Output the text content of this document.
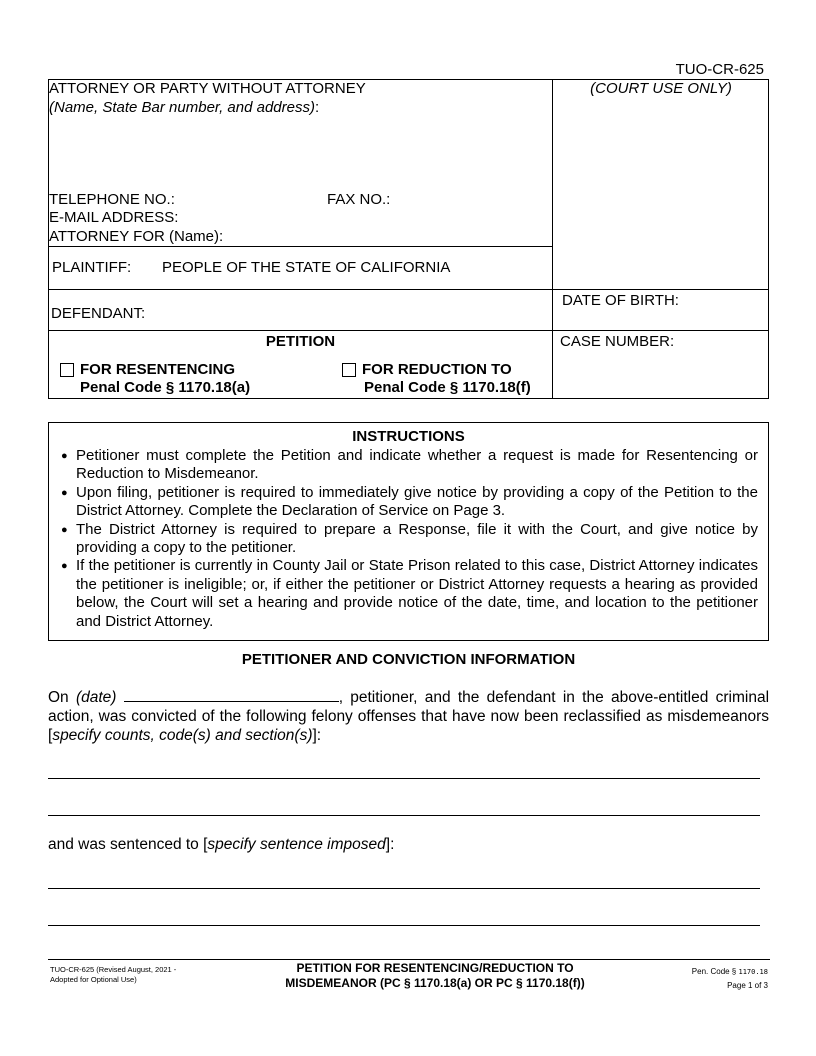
TUO-CR-625
ATTORNEY OR PARTY WITHOUT ATTORNEY
(Name, State Bar number, and address):
(COURT USE ONLY)
TELEPHONE NO.:	FAX NO.:
E-MAIL ADDRESS:
ATTORNEY FOR (Name):
PLAINTIFF: PEOPLE OF THE STATE OF CALIFORNIA
DEFENDANT:
DATE OF BIRTH:
PETITION	CASE NUMBER:
FOR RESENTENCING
Penal Code § 1170.18(a)
FOR REDUCTION TO
Penal Code § 1170.18(f)
INSTRUCTIONS
● Petitioner must complete the Petition and indicate whether a request is made for Resentencing or Reduction to Misdemeanor.
● Upon filing, petitioner is required to immediately give notice by providing a copy of the Petition to the District Attorney. Complete the Declaration of Service on Page 3.
● The District Attorney is required to prepare a Response, file it with the Court, and give notice by providing a copy to the petitioner.
● If the petitioner is currently in County Jail or State Prison related to this case, District Attorney indicates the petitioner is ineligible; or, if either the petitioner or District Attorney requests a hearing as provided below, the Court will set a hearing and provide notice of the date, time, and location to the petitioner and District Attorney.
PETITIONER AND CONVICTION INFORMATION
On (date)	, petitioner, and the defendant in the above-entitled criminal action, was convicted of the following felony offenses that have now been reclassified as misdemeanors [specify counts, code(s) and section(s)]:
and was sentenced to [specify sentence imposed]:
TUO-CR-625 (Revised August, 2021 -
Adopted for Optional Use)
PETITION FOR RESENTENCING/REDUCTION TO
MISDEMEANOR (PC § 1170.18(a) OR PC § 1170.18(f))
Pen. Code § 1170.18
Page 1 of 3
